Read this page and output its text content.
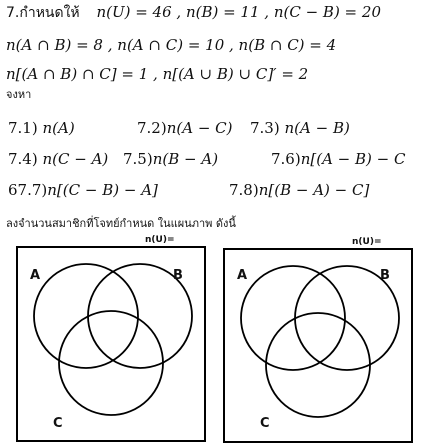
7.กำหนดให้ n(U) = 46 , n(B) = 11 , n(C − B) = 20
n(A ∩ B) = 8 , n(A ∩ C) = 10 , n(B ∩ C) = 4
n[(A ∩ B) ∩ C] = 1 , n[(A ∪ B) ∪ C]′ = 2
จงหา
7.1) n(A)	7.2)n(A − C) 7.3) n(A − B)
7.4) n(C − A) 7.5)n(B − A)	7.6)n[(A − B) − C
67.7)n[(C − B) − A]	7.8)n[(B − A) − C]
ลงจำนวนสมาชิกที่โจทย์กำหนด ในแผนภาพ ดังนี้
n(U)=
A	B
C
n(U)=
A	B
C
